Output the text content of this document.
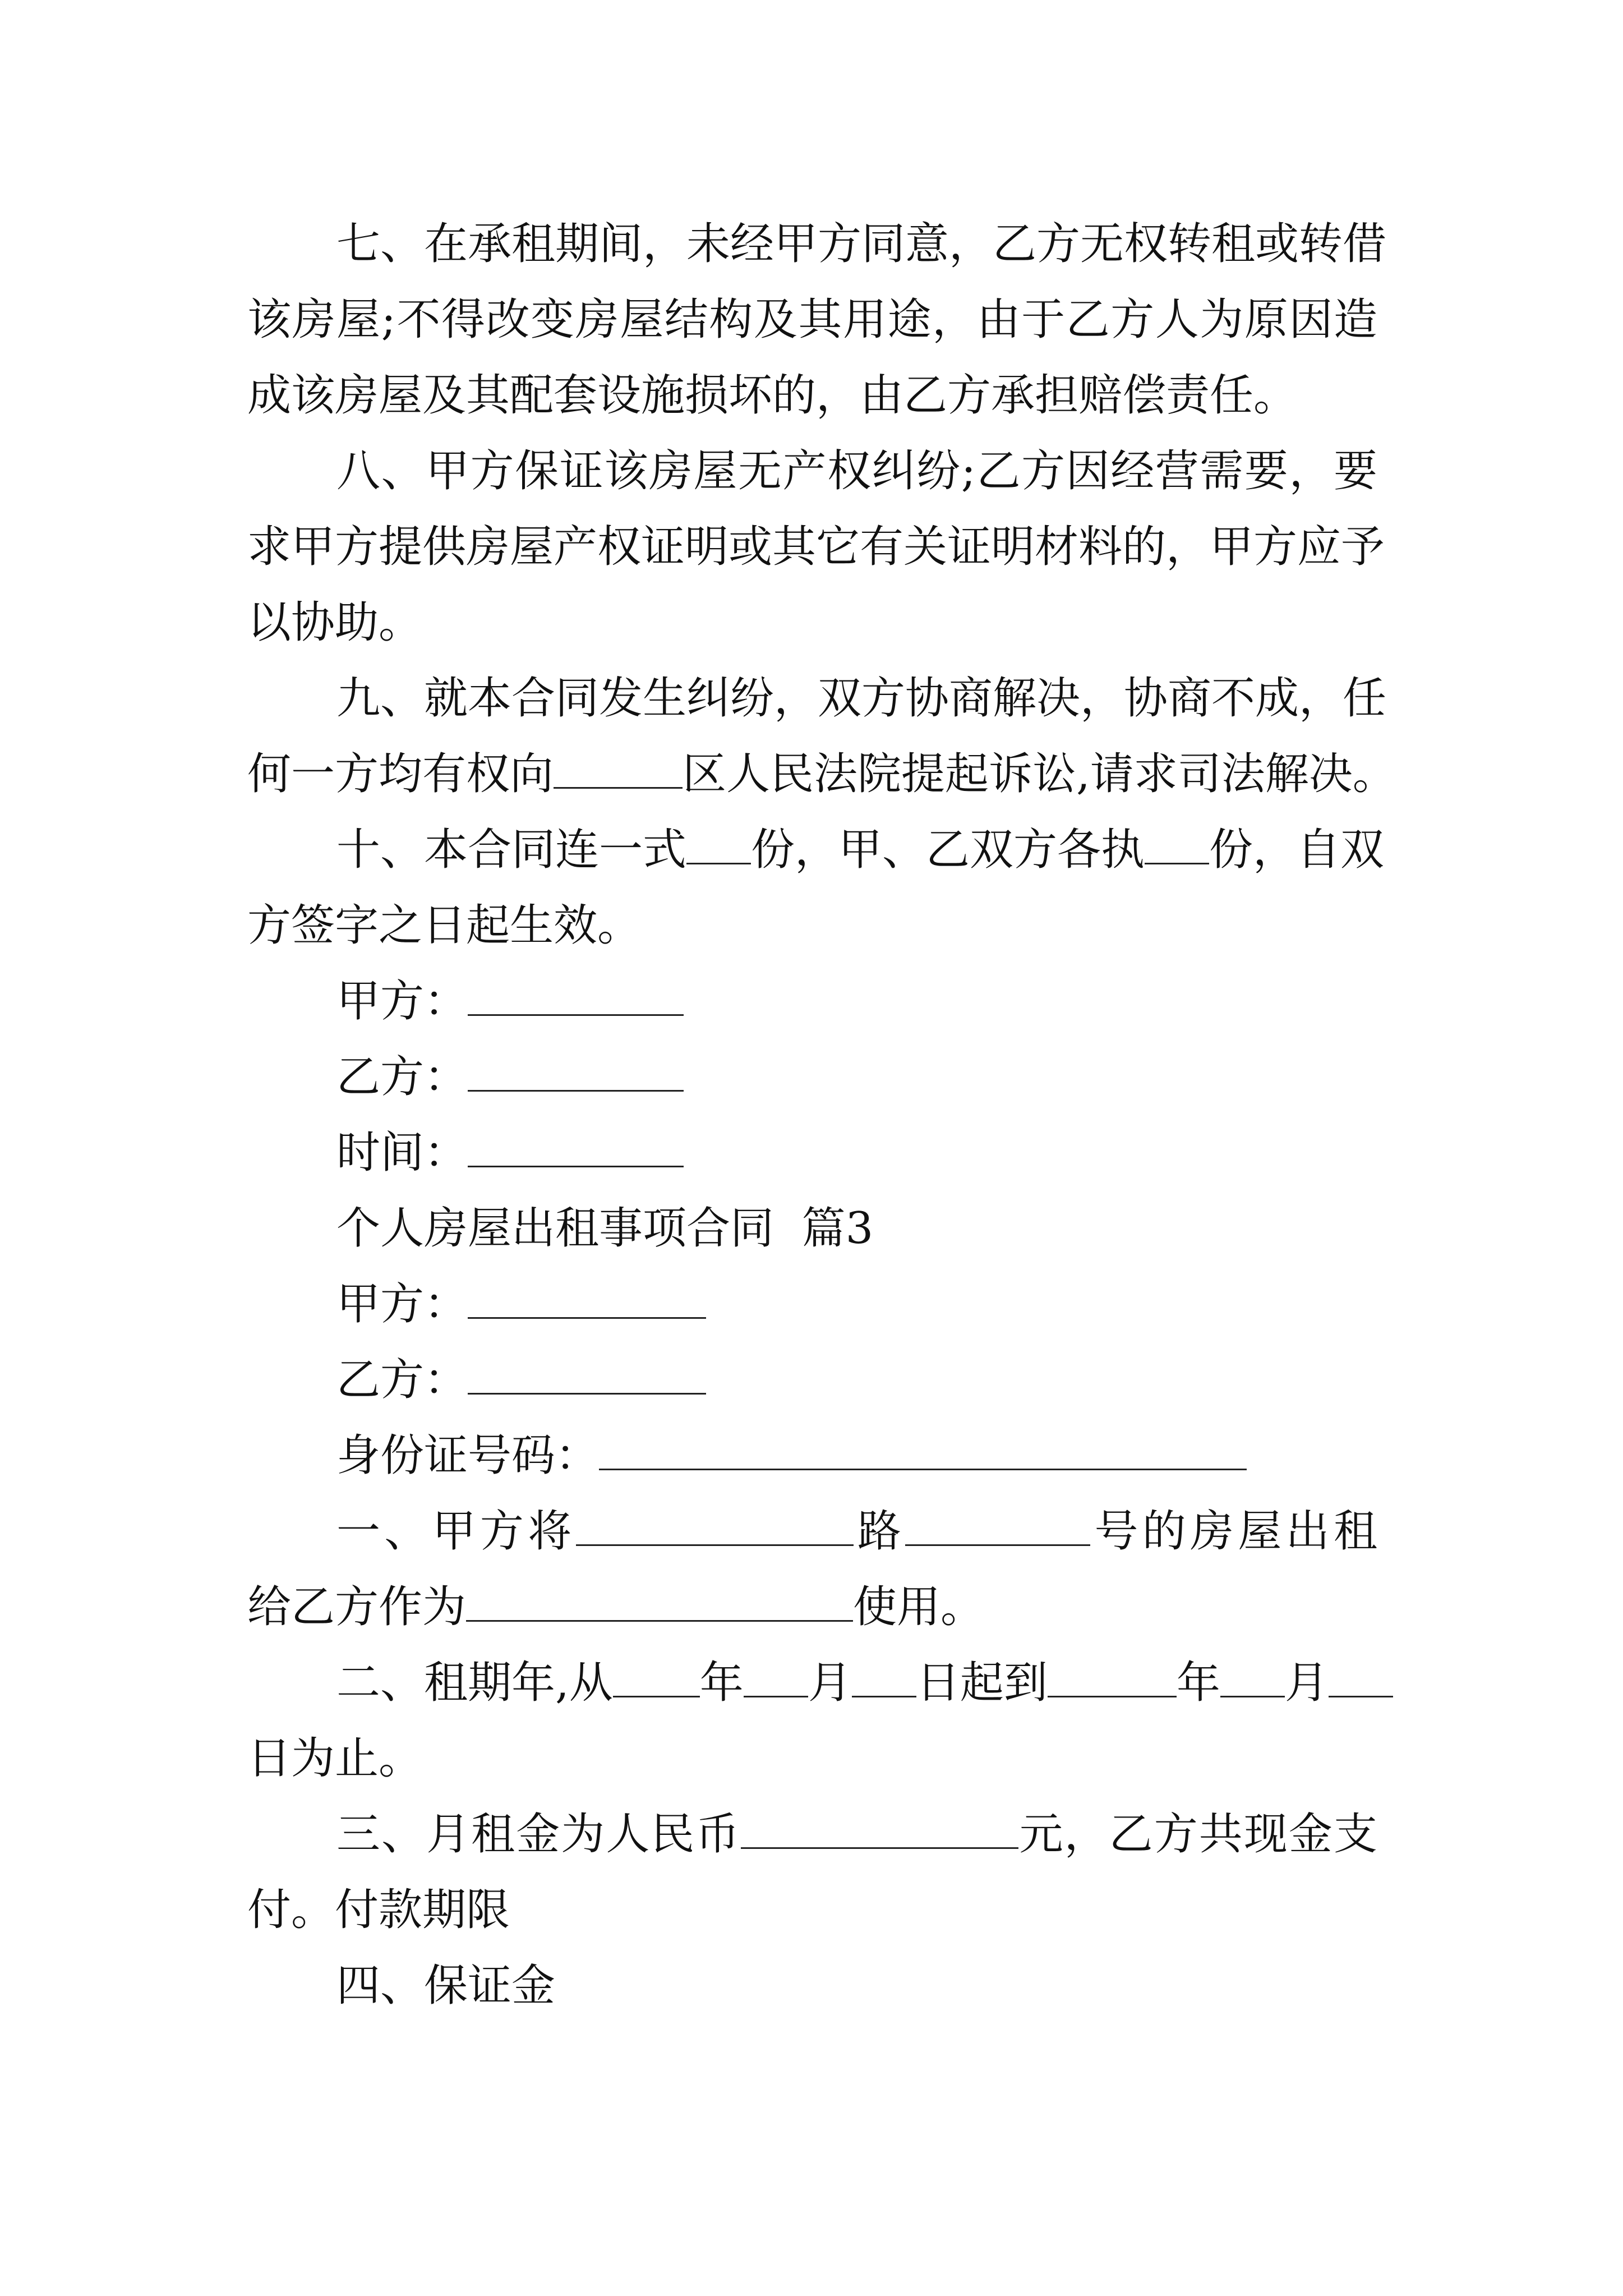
七、在承租期间，未经甲方同意，乙方无权转租或转借
该房屋;不得改变房屋结构及其用途，由于乙方人为原因造
成该房屋及其配套设施损坏的，由乙方承担赔偿责任。
八、甲方保证该房屋无产权纠纷;乙方因经营需要，要
求甲方提供房屋产权证明或其它有关证明材料的，甲方应予
以协助。
九、就本合同发生纠纷，双方协商解决，协商不成，任
何一方均有权向	区人民法院提起诉讼,请求司法解决。
十、本合同连一式 份，甲、乙双方各执 份，自双
方签字之日起生效。
甲方：
乙方：
时间：
个人房屋出租事项合同  篇3
甲方：
乙方：
身份证号码：
一、甲方将	路	号的房屋出租
给乙方作为	使用。
二、租期年,从 年 月 日起到	年 月
日为止。
三、月租金为人民币	元，乙方共现金支
付。付款期限
四、保证金
